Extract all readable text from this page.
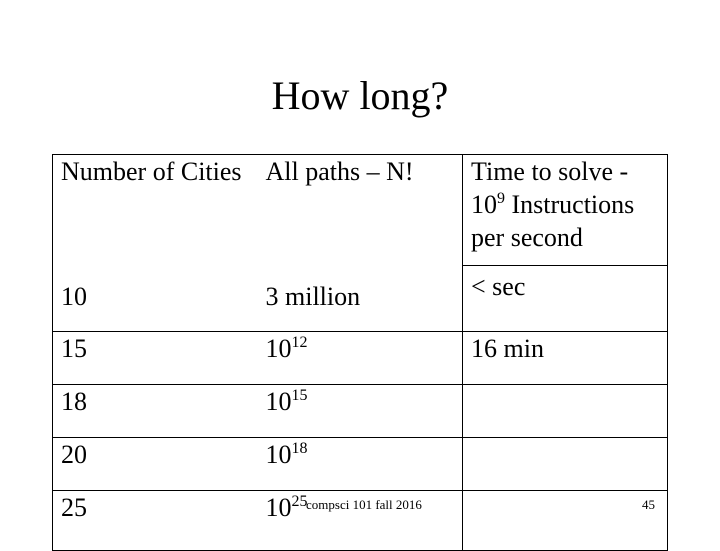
How long?
Number of Cities	All paths – N!	Time to solve -
$10^9$ Instructions per second
10	3 million	< sec
15	$10^{12}$	16 min
18	$10^{15}$	
20	$10^{18}$	
25	$10^{25}$	
compsci 101 fall 2016	45
